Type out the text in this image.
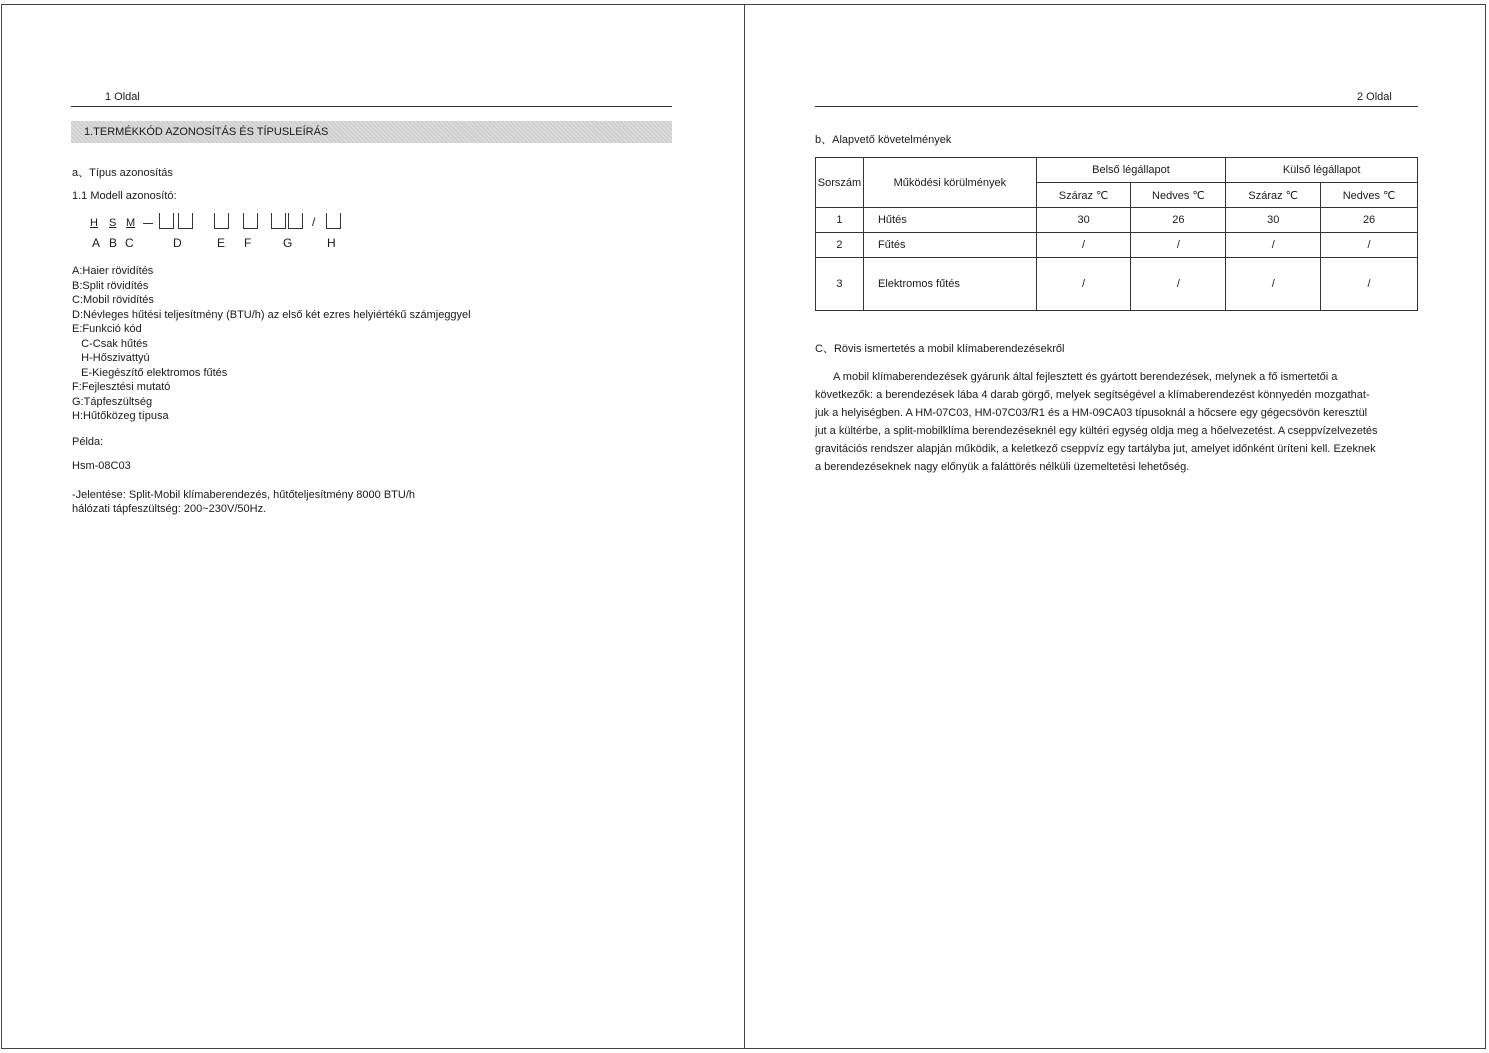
1 Oldal
1.TERMÉKKÓD AZONOSÍTÁS ÉS TÍPUSLEÍRÁS
a、Típus azonosítás
1.1 Modell azonosító:
H S M	/
A B C	D	E F	G	H
A:Haier rövidítés
B:Split rövidítés
C:Mobil rövidítés
D:Névleges hűtési teljesítmény (BTU/h) az első két ezres helyiértékű számjeggyel
E:Funkció kód
C-Csak hűtés
H-Hőszivattyú
E-Kiegészítő elektromos fűtés
F:Fejlesztési mutató
G:Tápfeszültség
H:Hűtőközeg típusa
Példa:
Hsm-08C03
-Jelentése: Split-Mobil klímaberendezés, hűtőteljesítmény 8000 BTU/h
hálózati tápfeszültség: 200~230V/50Hz.
2 Oldal
b、Alapvető követelmények
Sorszám	Működési körülmények	Belső légállapot		Külső légállapot	
		Száraz ℃	Nedves ℃	Száraz ℃	Nedves ℃
1	Hűtés	30	26	30	26
2	Fűtés	/	/	/	/
3	Elektromos fűtés	/	/	/	/
C、Rövis ismertetés a mobil klímaberendezésekről

A mobil klímaberendezések gyárunk által fejlesztett és gyártott berendezések, melynek a fő ismertetői a

következők: a berendezések lába 4 darab görgő, melyek segítségével a klímaberendezést könnyedén mozgathat-

juk a helyiségben. A HM-07C03, HM-07C03/R1 és a HM-09CA03 típusoknál a hőcsere egy gégecsövön keresztül

jut a kültérbe, a split-mobilklíma berendezéseknél egy kültéri egység oldja meg a hőelvezetést. A cseppvízelvezetés

gravitációs rendszer alapján működik, a keletkező cseppvíz egy tartályba jut, amelyet időnként üríteni kell. Ezeknek

a berendezéseknek nagy előnyük a faláttörés nélküli üzemeltetési lehetőség.
